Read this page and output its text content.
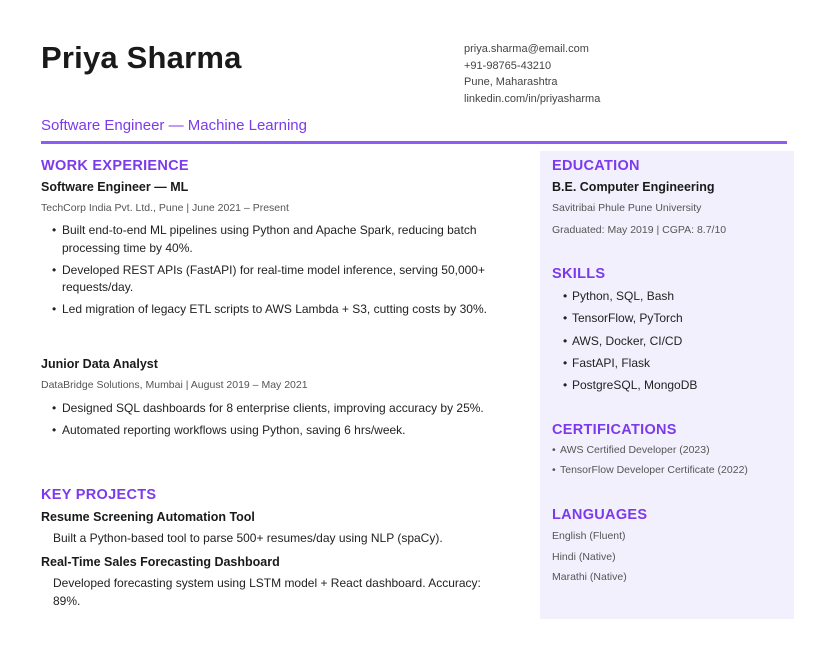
Priya Sharma	priya.sharma@email.com
+91-98765-43210
Pune, Maharashtra
linkedin.com/in/priyasharma
Software Engineer — Machine Learning
WORK EXPERIENCE
Software Engineer — ML
TechCorp India Pvt. Ltd., Pune | June 2021 – Present
• Built end-to-end ML pipelines using Python and Apache Spark, reducing batch processing time by 40%.
• Developed REST APIs (FastAPI) for real-time model inference, serving 50,000+ requests/day.
• Led migration of legacy ETL scripts to AWS Lambda + S3, cutting costs by 30%.
Junior Data Analyst
DataBridge Solutions, Mumbai | August 2019 – May 2021
• Designed SQL dashboards for 8 enterprise clients, improving accuracy by 25%.
• Automated reporting workflows using Python, saving 6 hrs/week.
KEY PROJECTS
Resume Screening Automation Tool
Built a Python-based tool to parse 500+ resumes/day using NLP (spaCy).
Real-Time Sales Forecasting Dashboard
Developed forecasting system using LSTM model + React dashboard. Accuracy: 89%.
EDUCATION
B.E. Computer Engineering
Savitribai Phule Pune University
Graduated: May 2019 | CGPA: 8.7/10
SKILLS
• Python, SQL, Bash
• TensorFlow, PyTorch
• AWS, Docker, CI/CD
• FastAPI, Flask
• PostgreSQL, MongoDB
CERTIFICATIONS
• AWS Certified Developer (2023)
• TensorFlow Developer Certificate (2022)
LANGUAGES
English (Fluent)
Hindi (Native)
Marathi (Native)
